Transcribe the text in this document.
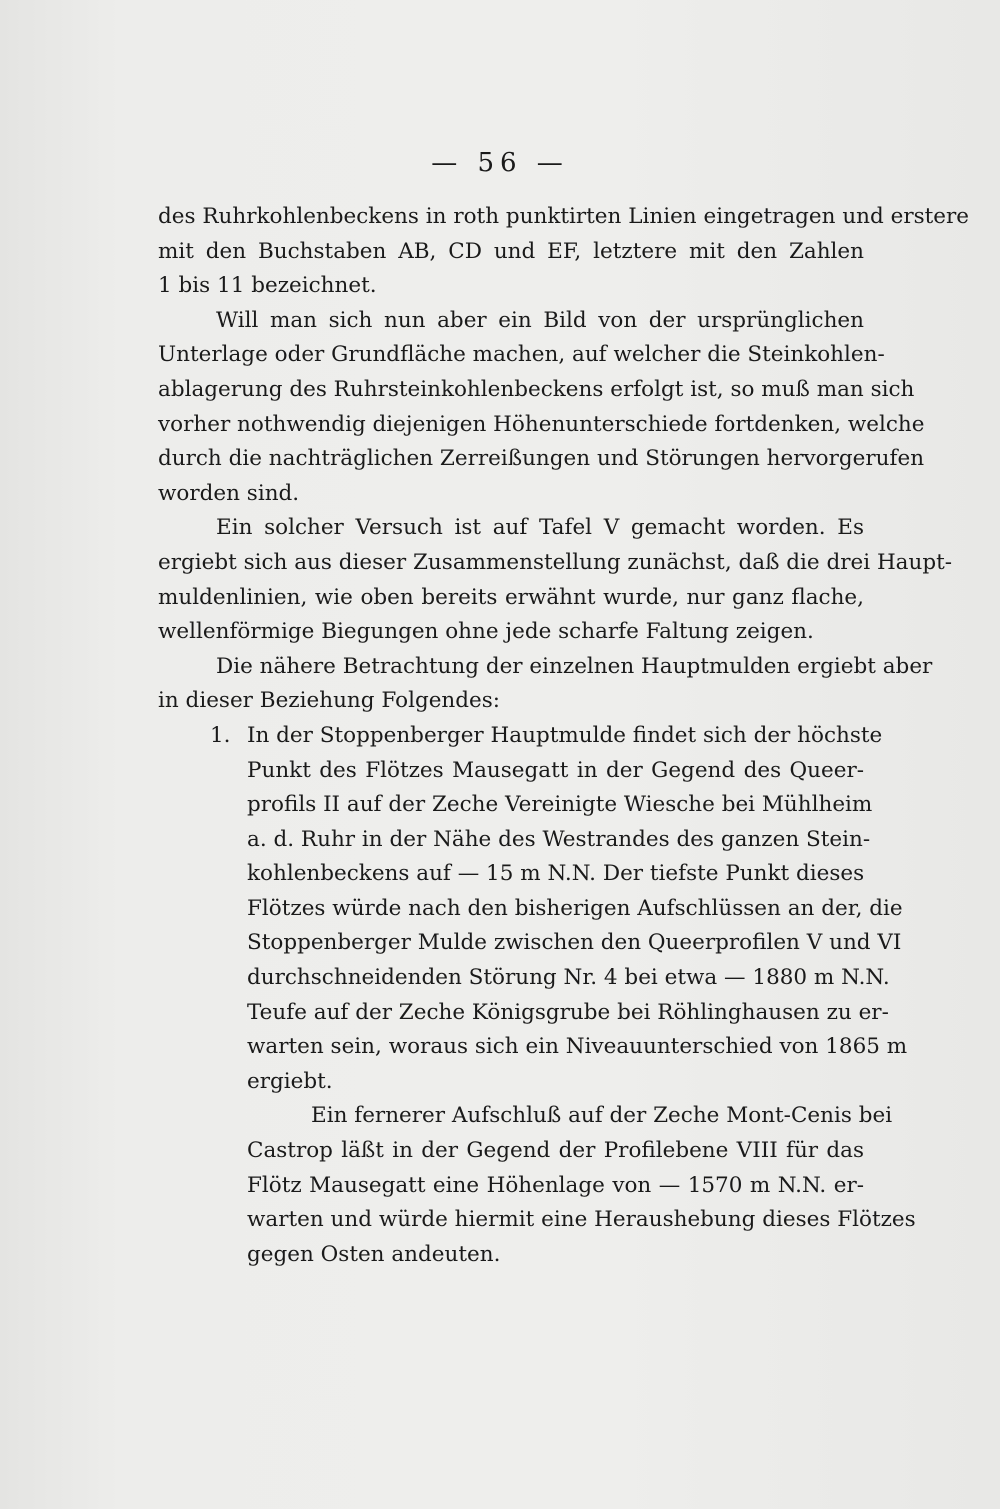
— 56 —
des Ruhrkohlenbeckens in roth punktirten Linien eingetragen und erstere
mit den Buchstaben AB, CD und EF, letztere mit den Zahlen
1 bis 11 bezeichnet.
Will man sich nun aber ein Bild von der ursprünglichen
Unterlage oder Grundfläche machen, auf welcher die Steinkohlen-
ablagerung des Ruhrsteinkohlenbeckens erfolgt ist, so muß man sich
vorher nothwendig diejenigen Höhenunterschiede fortdenken, welche
durch die nachträglichen Zerreißungen und Störungen hervorgerufen
worden sind.
Ein solcher Versuch ist auf Tafel V gemacht worden. Es
ergiebt sich aus dieser Zusammenstellung zunächst, daß die drei Haupt-
muldenlinien, wie oben bereits erwähnt wurde, nur ganz flache,
wellenförmige Biegungen ohne jede scharfe Faltung zeigen.
Die nähere Betrachtung der einzelnen Hauptmulden ergiebt aber
in dieser Beziehung Folgendes:
1. In der Stoppenberger Hauptmulde findet sich der höchste
Punkt des Flötzes Mausegatt in der Gegend des Queer-
profils II auf der Zeche Vereinigte Wiesche bei Mühlheim
a. d. Ruhr in der Nähe des Westrandes des ganzen Stein-
kohlenbeckens auf — 15 m N.N. Der tiefste Punkt dieses
Flötzes würde nach den bisherigen Aufschlüssen an der, die
Stoppenberger Mulde zwischen den Queerprofilen V und VI
durchschneidenden Störung Nr. 4 bei etwa — 1880 m N.N.
Teufe auf der Zeche Königsgrube bei Röhlinghausen zu er-
warten sein, woraus sich ein Niveauunterschied von 1865 m
ergiebt.
Ein fernerer Aufschluß auf der Zeche Mont-Cenis bei
Castrop läßt in der Gegend der Profilebene VIII für das
Flötz Mausegatt eine Höhenlage von — 1570 m N.N. er-
warten und würde hiermit eine Heraushebung dieses Flötzes
gegen Osten andeuten.
